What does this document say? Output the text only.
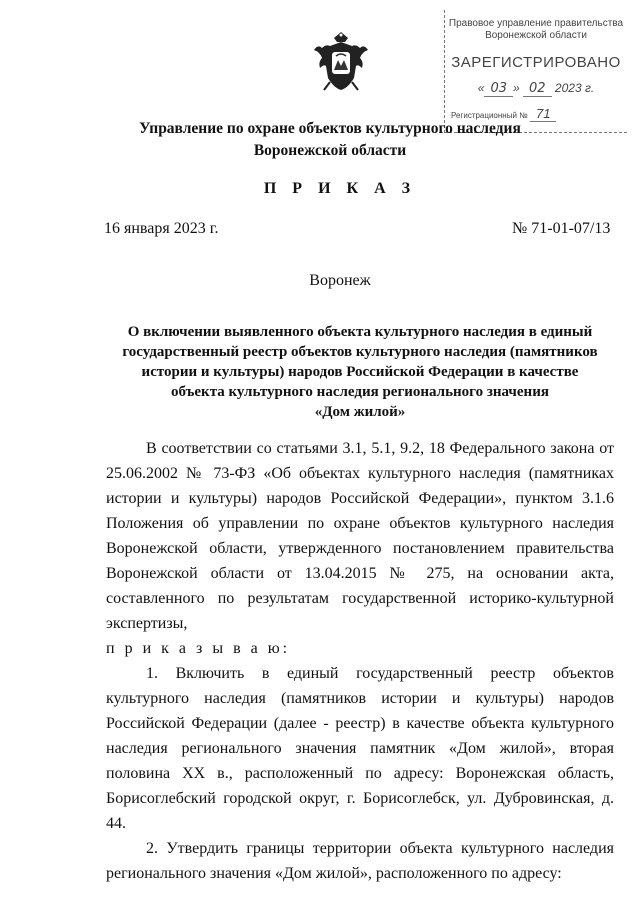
Правовое управление правительства
Воронежской области
ЗАРЕГИСТРИРОВАНО
« 03 » 02 2023 г.
Регистрационный № 71
Управление по охране объектов культурного наследия
Воронежской области
П Р И К А З
16 января 2023 г.	№ 71-01-07/13
Воронеж
О включении выявленного объекта культурного наследия в единый
государственный реестр объектов культурного наследия (памятников
истории и культуры) народов Российской Федерации в качестве
объекта культурного наследия регионального значения
«Дом жилой»

В соответствии со статьями 3.1, 5.1, 9.2, 18 Федерального закона от 25.06.2002 № 73-ФЗ «Об объектах культурного наследия (памятниках истории и культуры) народов Российской Федерации», пунктом 3.1.6 Положения об управлении по охране объектов культурного наследия Воронежской области, утвержденного постановлением правительства Воронежской области от 13.04.2015 № 275, на основании акта, составленного по результатам государственной историко-культурной экспертизы,

п р и к а з ы в а ю:

1. Включить в единый государственный реестр объектов

культурного наследия (памятников истории и культуры) народов Российской Федерации (далее - реестр) в качестве объекта культурного наследия регионального значения памятник «Дом жилой», вторая половина XX в., расположенный по адресу: Воронежская область, Борисоглебский городской округ, г. Борисоглебск, ул. Дубровинская, д. 44.

2. Утвердить границы территории объекта культурного наследия регионального значения «Дом жилой», расположенного по адресу:
